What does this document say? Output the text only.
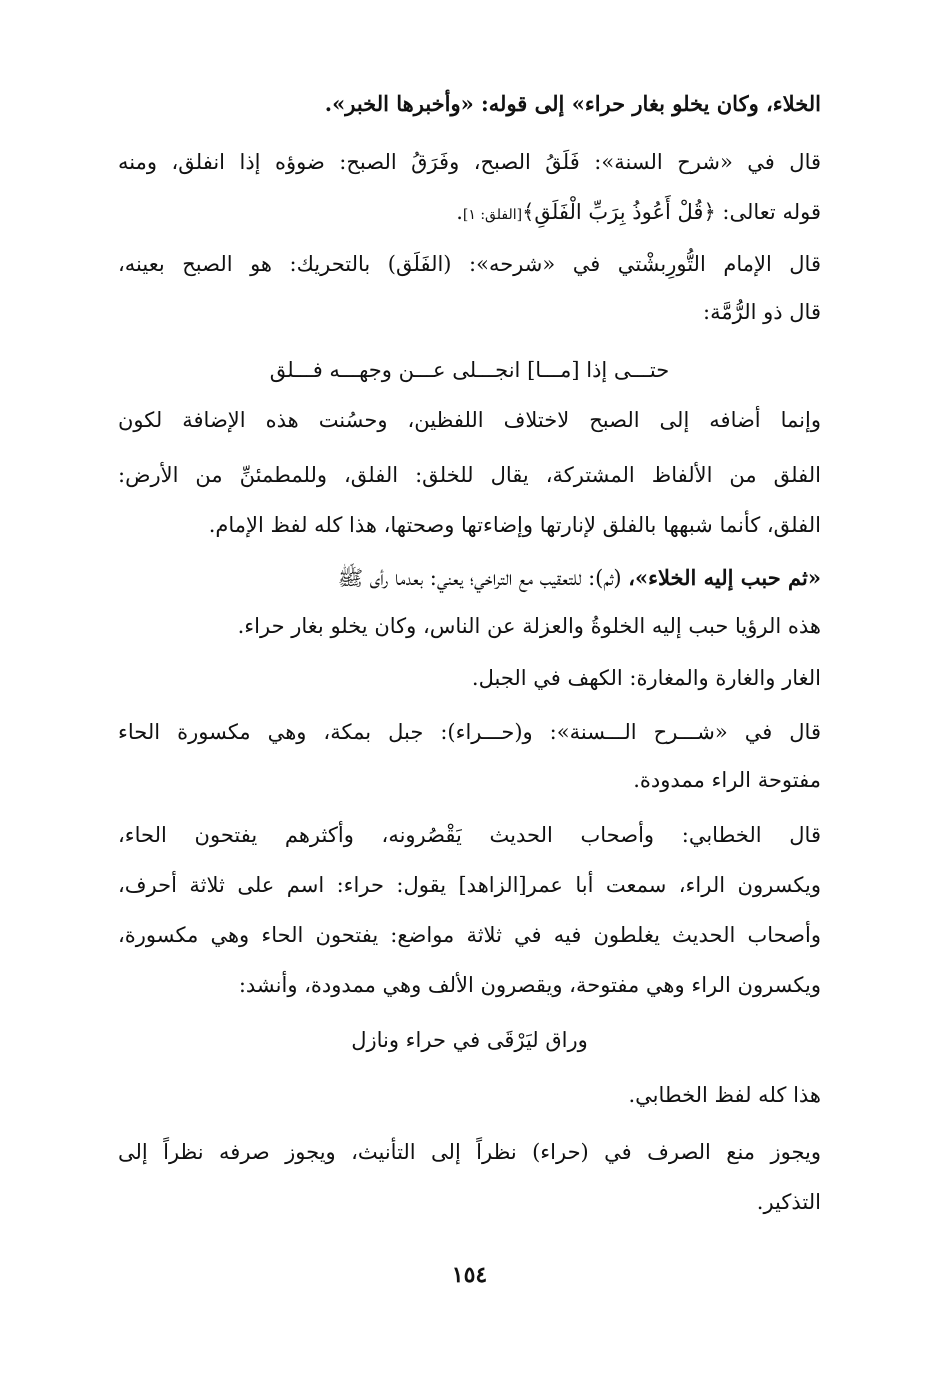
الخلاء، وكان يخلو بغار حراء» إلى قوله: «وأخبرها الخبر».
قال في «شرح السنة»: فَلَقُ الصبح، وفَرَقُ الصبح: ضوؤه إذا انفلق، ومنه
قوله تعالى: ﴿قُلْ أَعُوذُ بِرَبِّ الْفَلَقِ﴾[الفلق: ١].
قال الإمام التُّورِبشْتي في «شرحه»: (الفَلَق) بالتحريك: هو الصبح بعينه،
قال ذو الرُّمَّة:
حتـــى إذا [مـــا] انجـــلى عـــن وجهـــه فـــلق
وإنما أضافه إلى الصبح لاختلاف اللفظين، وحسُنت هذه الإضافة لكون
الفلق من الألفاظ المشتركة، يقال للخلق: الفلق، وللمطمئنِّ من الأرض:
الفلق، كأنما شبهها بالفلق لإنارتها وإضاءتها وصحتها، هذا كله لفظ الإمام.
«ثم حبب إليه الخلاء»، (ثم): للتعقيب مع التراخي؛ يعني: بعدما رأى ﷺ
هذه الرؤيا حبب إليه الخلوةُ والعزلة عن الناس، وكان يخلو بغار حراء.
الغار والغارة والمغارة: الكهف في الجبل.
قال في «شـــرح الـــسنة»: و(حـــراء): جبل بمكة، وهي مكسورة الحاء
مفتوحة الراء ممدودة.
قال الخطابي: وأصحاب الحديث يَقْصُرونه، وأكثرهم يفتحون الحاء،
ويكسرون الراء، سمعت أبا عمر[الزاهد] يقول: حراء: اسم على ثلاثة أحرف،
وأصحاب الحديث يغلطون فيه في ثلاثة مواضع: يفتحون الحاء وهي مكسورة،
ويكسرون الراء وهي مفتوحة، ويقصرون الألف وهي ممدودة، وأنشد:
وراق ليَرْقَى في حراء ونازل
هذا كله لفظ الخطابي.
ويجوز منع الصرف في (حراء) نظراً إلى التأنيث، ويجوز صرفه نظراً إلى
التذكير.
١٥٤
